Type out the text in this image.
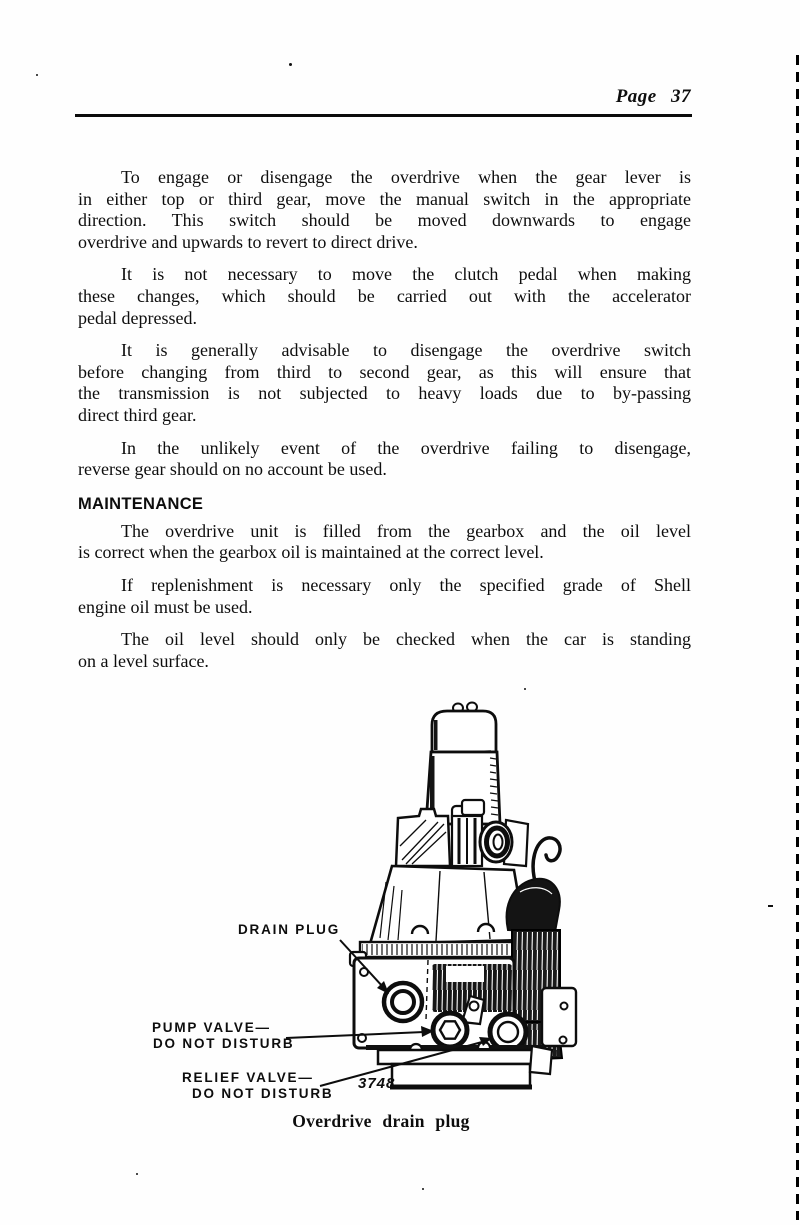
Page 37
To engage or disengage the overdrive when the gear lever is
in either top or third gear, move the manual switch in the appropriate
direction. This switch should be moved downwards to engage
overdrive and upwards to revert to direct drive.
It is not necessary to move the clutch pedal when making
these changes, which should be carried out with the accelerator
pedal depressed.
It is generally advisable to disengage the overdrive switch
before changing from third to second gear, as this will ensure that
the transmission is not subjected to heavy loads due to by-passing
direct third gear.
In the unlikely event of the overdrive failing to disengage,
reverse gear should on no account be used.
MAINTENANCE
The overdrive unit is filled from the gearbox and the oil level
is correct when the gearbox oil is maintained at the correct level.
If replenishment is necessary only the specified grade of Shell
engine oil must be used.
The oil level should only be checked when the car is standing
on a level surface.
DRAIN PLUG
PUMP VALVE—
DO NOT DISTURB
RELIEF VALVE—
DO NOT DISTURB
3748
Overdrive drain plug
